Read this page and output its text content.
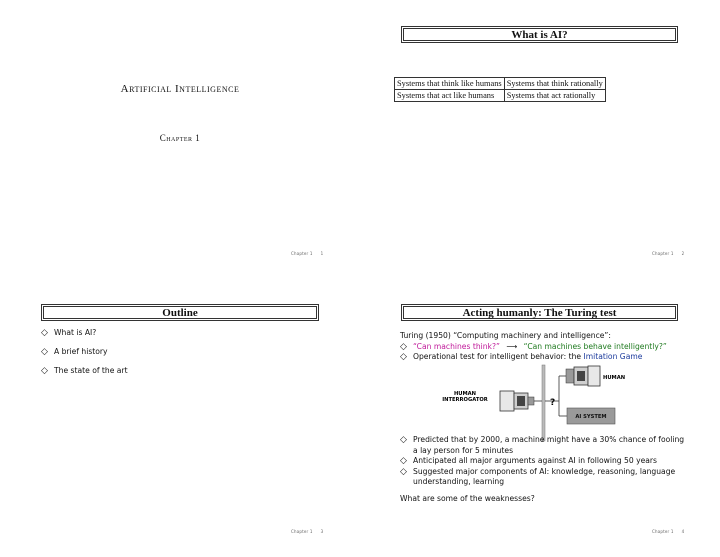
Artificial Intelligence
Chapter 1
Chapter 1 1
What is AI?
Systems that think like humans	Systems that think rationally
Systems that act like humans	Systems that act rationally
Chapter 1 2
Outline
◇ What is AI?
◇ A brief history
◇ The state of the art
Chapter 1 3
Acting humanly: The Turing test
Turing (1950) “Computing machinery and intelligence”:
◇ “Can machines think?” ⟶ “Can machines behave intelligently?”
◇ Operational test for intelligent behavior: the Imitation Game
HUMAN INTERROGATOR	?
HUMAN
AI SYSTEM
◇ Predicted that by 2000, a machine might have a 30% chance of fooling a lay person for 5 minutes
◇ Anticipated all major arguments against AI in following 50 years
◇ Suggested major components of AI: knowledge, reasoning, language understanding, learning
What are some of the weaknesses?
Chapter 1 4
